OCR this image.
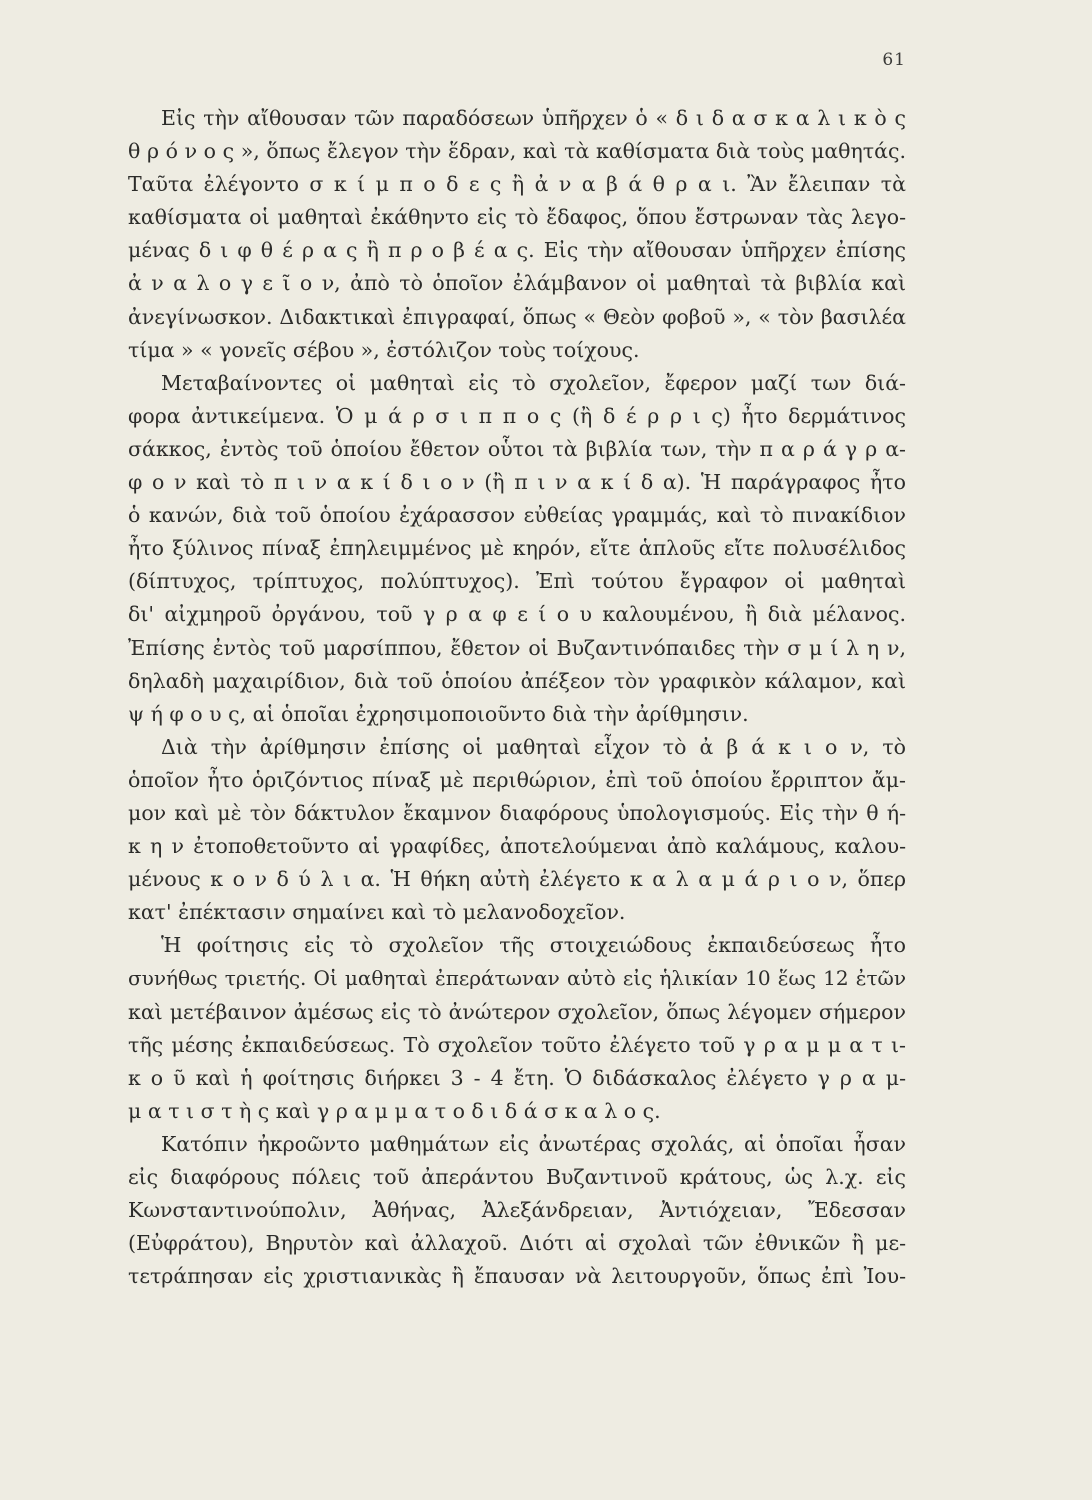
61
Εἰς τὴν αἴθουσαν τῶν παραδόσεων ὑπῆρχεν ὁ « δ ι δ α σ κ α λ ι κ ὸ ς
θ ρ ό ν ο ς », ὅπως ἔλεγον τὴν ἕδραν, καὶ τὰ καθίσματα διὰ τοὺς μαθητάς.
Ταῦτα ἐλέγοντο σ κ ί μ π ο δ ε ς ἢ ἀ ν α β ά θ ρ α ι. Ἂν ἔλειπαν τὰ
καθίσματα οἱ μαθηταὶ ἐκάθηντο εἰς τὸ ἔδαφος, ὅπου ἔστρωναν τὰς λεγο-
μένας δ ι φ θ έ ρ α ς ἢ π ρ ο β έ α ς. Εἰς τὴν αἴθουσαν ὑπῆρχεν ἐπίσης
ἀ ν α λ ο γ ε ῖ ο ν, ἀπὸ τὸ ὁποῖον ἐλάμβανον οἱ μαθηταὶ τὰ βιβλία καὶ
ἀνεγίνωσκον. Διδακτικαὶ ἐπιγραφαί, ὅπως « Θεὸν φοβοῦ », « τὸν βασιλέα
τίμα » « γονεῖς σέβου », ἐστόλιζον τοὺς τοίχους.
Μεταβαίνοντες οἱ μαθηταὶ εἰς τὸ σχολεῖον, ἔφερον μαζί των διά-
φορα ἀντικείμενα. Ὁ μ ά ρ σ ι π π ο ς (ἢ δ έ ρ ρ ι ς) ἦτο δερμάτινος
σάκκος, ἐντὸς τοῦ ὁποίου ἔθετον οὗτοι τὰ βιβλία των, τὴν π α ρ ά γ ρ α-
φ ο ν καὶ τὸ π ι ν α κ ί δ ι ο ν (ἢ π ι ν α κ ί δ α). Ἡ παράγραφος ἦτο
ὁ κανών, διὰ τοῦ ὁποίου ἐχάρασσον εὐθείας γραμμάς, καὶ τὸ πινακίδιον
ἦτο ξύλινος πίναξ ἐπηλειμμένος μὲ κηρόν, εἴτε ἁπλοῦς εἴτε πολυσέλιδος
(δίπτυχος, τρίπτυχος, πολύπτυχος). Ἐπὶ τούτου ἔγραφον οἱ μαθηταὶ
δι' αἰχμηροῦ ὀργάνου, τοῦ γ ρ α φ ε ί ο υ καλουμένου, ἢ διὰ μέλανος.
Ἐπίσης ἐντὸς τοῦ μαρσίππου, ἔθετον οἱ Βυζαντινόπαιδες τὴν σ μ ί λ η ν,
δηλαδὴ μαχαιρίδιον, διὰ τοῦ ὁποίου ἀπέξεον τὸν γραφικὸν κάλαμον, καὶ
ψ ή φ ο υ ς, αἱ ὁποῖαι ἐχρησιμοποιοῦντο διὰ τὴν ἀρίθμησιν.
Διὰ τὴν ἀρίθμησιν ἐπίσης οἱ μαθηταὶ εἶχον τὸ ἀ β ά κ ι ο ν, τὸ
ὁποῖον ἦτο ὁριζόντιος πίναξ μὲ περιθώριον, ἐπὶ τοῦ ὁποίου ἔρριπτον ἄμ-
μον καὶ μὲ τὸν δάκτυλον ἔκαμνον διαφόρους ὑπολογισμούς. Εἰς τὴν θ ή-
κ η ν ἐτοποθετοῦντο αἱ γραφίδες, ἀποτελούμεναι ἀπὸ καλάμους, καλου-
μένους κ ο ν δ ύ λ ι α. Ἡ θήκη αὐτὴ ἐλέγετο κ α λ α μ ά ρ ι ο ν, ὅπερ
κατ' ἐπέκτασιν σημαίνει καὶ τὸ μελανοδοχεῖον.
Ἡ φοίτησις εἰς τὸ σχολεῖον τῆς στοιχειώδους ἐκπαιδεύσεως ἦτο
συνήθως τριετής. Οἱ μαθηταὶ ἐπεράτωναν αὐτὸ εἰς ἡλικίαν 10 ἕως 12 ἐτῶν
καὶ μετέβαινον ἀμέσως εἰς τὸ ἀνώτερον σχολεῖον, ὅπως λέγομεν σήμερον
τῆς μέσης ἐκπαιδεύσεως. Τὸ σχολεῖον τοῦτο ἐλέγετο τοῦ γ ρ α μ μ α τ ι-
κ ο ῦ καὶ ἡ φοίτησις διήρκει 3 - 4 ἔτη. Ὁ διδάσκαλος ἐλέγετο γ ρ α μ-
μ α τ ι σ τ ὴ ς καὶ γ ρ α μ μ α τ ο δ ι δ ά σ κ α λ ο ς.
Κατόπιν ἠκροῶντο μαθημάτων εἰς ἀνωτέρας σχολάς, αἱ ὁποῖαι ἦσαν
εἰς διαφόρους πόλεις τοῦ ἀπεράντου Βυζαντινοῦ κράτους, ὡς λ.χ. εἰς
Κωνσταντινούπολιν, Ἀθήνας, Ἀλεξάνδρειαν, Ἀντιόχειαν, Ἔδεσσαν
(Εὐφράτου), Βηρυτὸν καὶ ἀλλαχοῦ. Διότι αἱ σχολαὶ τῶν ἐθνικῶν ἢ με-
τετράπησαν εἰς χριστιανικὰς ἢ ἔπαυσαν νὰ λειτουργοῦν, ὅπως ἐπὶ Ἰου-
